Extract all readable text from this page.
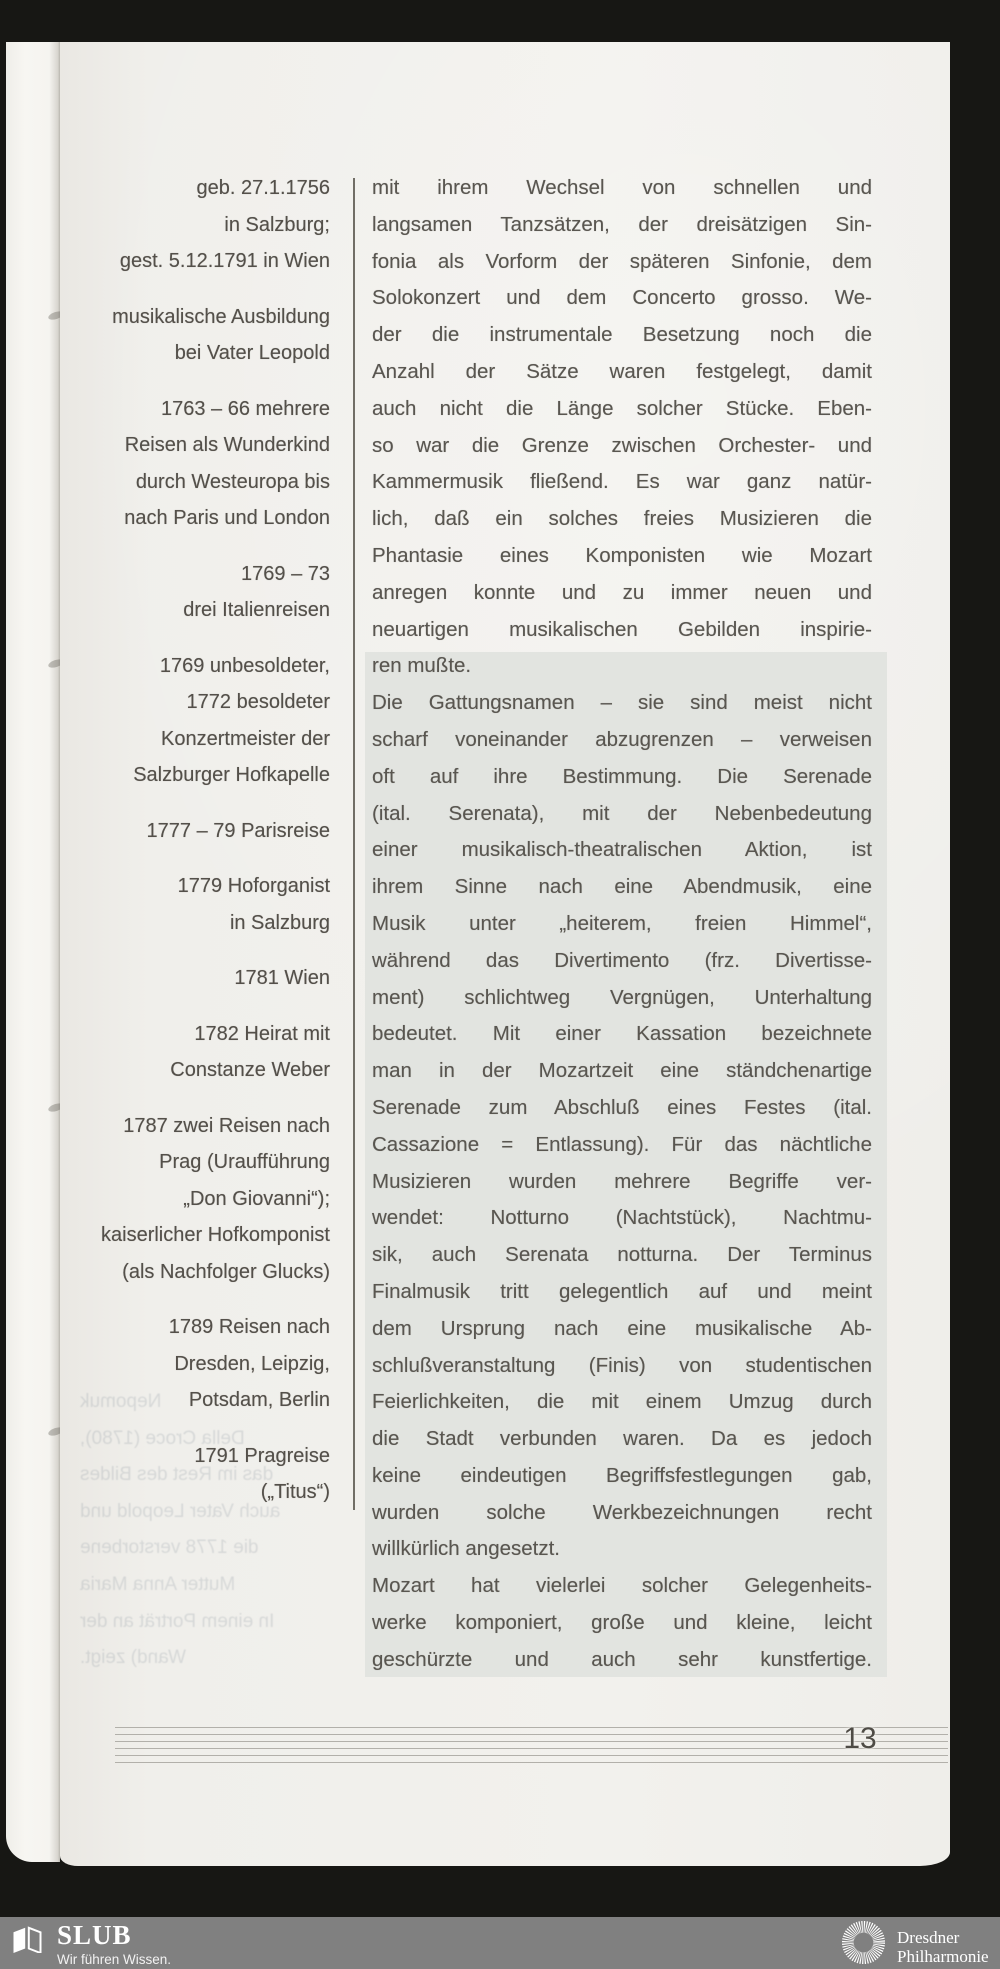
geb. 27.1.1756
in Salzburg;
gest. 5.12.1791 in Wien
musikalische Ausbildung
bei Vater Leopold
1763 – 66 mehrere
Reisen als Wunderkind
durch Westeuropa bis
nach Paris und London
1769 – 73
drei Italienreisen
1769 unbesoldeter,
1772 besoldeter
Konzertmeister der
Salzburger Hofkapelle
1777 – 79 Parisreise
1779 Hoforganist
in Salzburg
1781 Wien
1782 Heirat mit
Constanze Weber
1787 zwei Reisen nach
Prag (Uraufführung
„Don Giovanni“);
kaiserlicher Hofkomponist
(als Nachfolger Glucks)
1789 Reisen nach
Dresden, Leipzig,
Potsdam, Berlin
1791 Pragreise
(„Titus“)
Nepomuk
Della Croce (1780),
das im Rest des Bildes
auch Vater Leopold und
die 1778 verstorbene
Mutter Anna Maria
In einem Porträt an der
Wand) zeigt.
mit ihrem Wechsel von schnellen und
langsamen Tanzsätzen, der dreisätzigen Sin-
fonia als Vorform der späteren Sinfonie, dem
Solokonzert und dem Concerto grosso. We-
der die instrumentale Besetzung noch die
Anzahl der Sätze waren festgelegt, damit
auch nicht die Länge solcher Stücke. Eben-
so war die Grenze zwischen Orchester- und
Kammermusik fließend. Es war ganz natür-
lich, daß ein solches freies Musizieren die
Phantasie eines Komponisten wie Mozart
anregen konnte und zu immer neuen und
neuartigen musikalischen Gebilden inspirie-
ren mußte.
Die Gattungsnamen – sie sind meist nicht
scharf voneinander abzugrenzen – verweisen
oft auf ihre Bestimmung. Die Serenade
(ital. Serenata), mit der Nebenbedeutung
einer musikalisch-theatralischen Aktion, ist
ihrem Sinne nach eine Abendmusik, eine
Musik unter „heiterem, freien Himmel“,
während das Divertimento (frz. Divertisse-
ment) schlichtweg Vergnügen, Unterhaltung
bedeutet. Mit einer Kassation bezeichnete
man in der Mozartzeit eine ständchenartige
Serenade zum Abschluß eines Festes (ital.
Cassazione = Entlassung). Für das nächtliche
Musizieren wurden mehrere Begriffe ver-
wendet: Notturno (Nachtstück), Nachtmu-
sik, auch Serenata notturna. Der Terminus
Finalmusik tritt gelegentlich auf und meint
dem Ursprung nach eine musikalische Ab-
schlußveranstaltung (Finis) von studentischen
Feierlichkeiten, die mit einem Umzug durch
die Stadt verbunden waren. Da es jedoch
keine eindeutigen Begriffsfestlegungen gab,
wurden solche Werkbezeichnungen recht
willkürlich angesetzt.
Mozart hat vielerlei solcher Gelegenheits-
werke komponiert, große und kleine, leicht
geschürzte und auch sehr kunstfertige.
13
SLUB
Wir führen Wissen.
Dresdner
Philharmonie
